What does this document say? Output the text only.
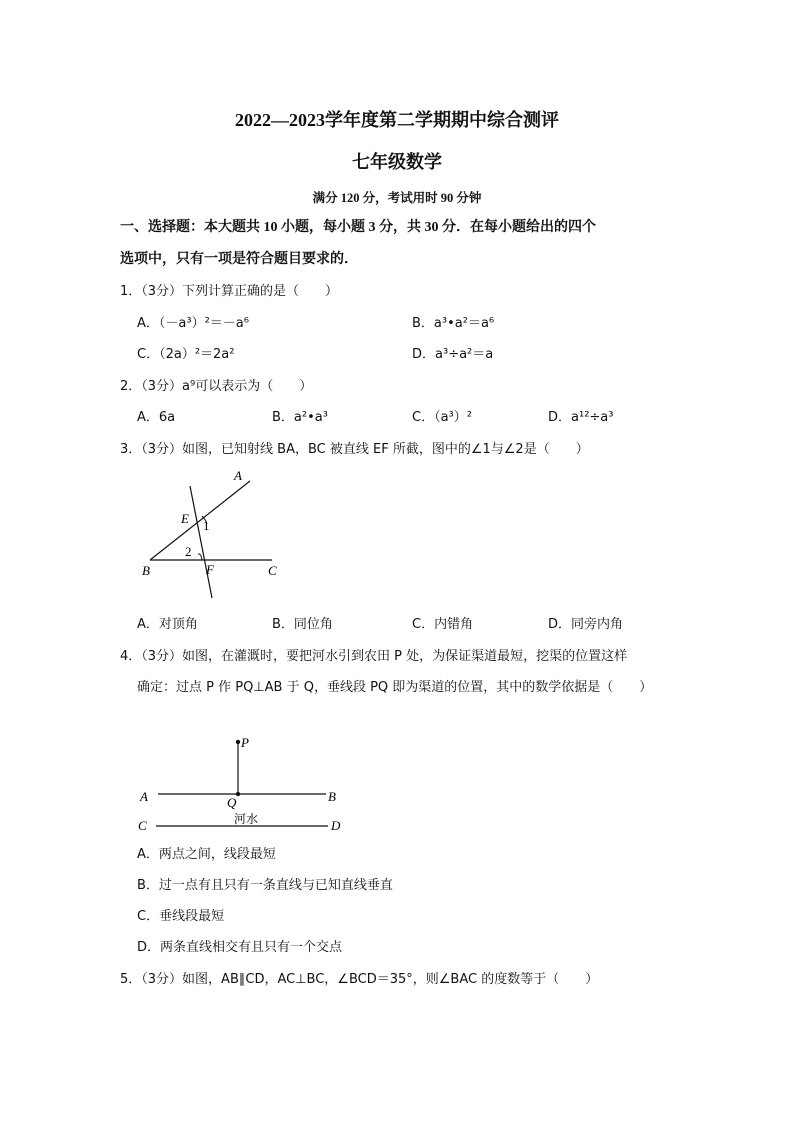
2022—2023学年度第二学期期中综合测评
七年级数学
满分 120 分，考试用时 90 分钟
一、选择题：本大题共 10 小题，每小题 3 分，共 30 分．在每小题给出的四个
选项中，只有一项是符合题目要求的．
1．（3分）下列计算正确的是（　　）
A．（－a³）²＝－a⁶	B．a³•a²＝a⁶
C．（2a）²＝2a²	D．a³÷a²＝a
2．（3分）a⁹可以表示为（　　）
A．6a	B．a²•a³	C．（a³）²	D．a¹²÷a³
3．（3分）如图，已知射线 BA，BC 被直线 EF 所截，图中的∠1与∠2是（　　）
A
E 1
2
B	F	C
A．对顶角	B．同位角	C．内错角	D．同旁内角
4．（3分）如图，在灌溉时，要把河水引到农田 P 处，为保证渠道最短，挖渠的位置这样
确定：过点 P 作 PQ⊥AB 于 Q，垂线段 PQ 即为渠道的位置，其中的数学依据是（　　）
P
A	Q	B
河水
C	D
A．两点之间，线段最短
B．过一点有且只有一条直线与已知直线垂直
C．垂线段最短
D．两条直线相交有且只有一个交点
5．（3分）如图，AB∥CD，AC⊥BC，∠BCD＝35°，则∠BAC 的度数等于（　　）
